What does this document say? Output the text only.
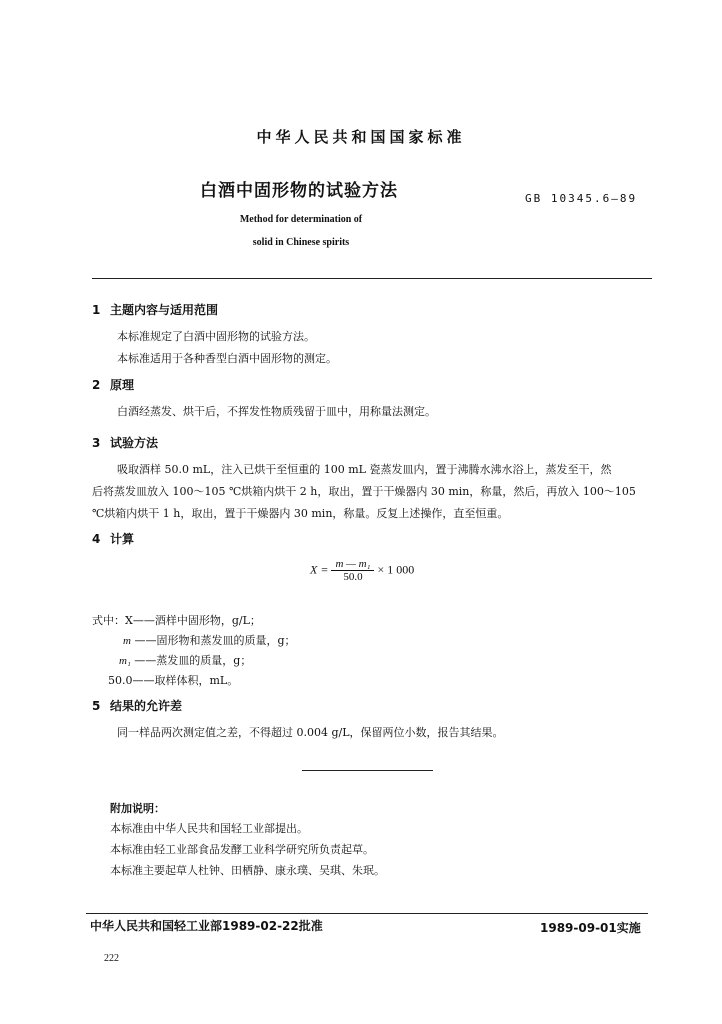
中华人民共和国国家标准
白酒中固形物的试验方法	GB 10345.6—89
Method for determination of
solid in Chinese spirits
1 主题内容与适用范围
本标准规定了白酒中固形物的试验方法。
本标准适用于各种香型白酒中固形物的测定。
2 原理
白酒经蒸发、烘干后，不挥发性物质残留于皿中，用称量法测定。
3 试验方法
吸取酒样 50.0 mL，注入已烘干至恒重的 100 mL 瓷蒸发皿内，置于沸腾水沸水浴上，蒸发至干，然
后将蒸发皿放入 100～105 ℃烘箱内烘干 2 h，取出，置于干燥器内 30 min，称量，然后，再放入 100～105
℃烘箱内烘干 1 h，取出，置于干燥器内 30 min，称量。反复上述操作，直至恒重。
4 计算
$X = \frac{\text{m — m₁}}{50.0} \times 1$ 000
式中：X——酒样中固形物，g/L；
m ——固形物和蒸发皿的质量，g；
m₁ ——蒸发皿的质量，g；
50.0——取样体积，mL。
5 结果的允许差
同一样品两次测定值之差，不得超过 0.004 g/L，保留两位小数，报告其结果。
附加说明：
本标准由中华人民共和国轻工业部提出。
本标准由轻工业部食品发酵工业科学研究所负责起草。
本标准主要起草人杜钟、田栖静、康永璞、吴琪、朱珉。
中华人民共和国轻工业部1989-02-22批准	1989-09-01实施
222
